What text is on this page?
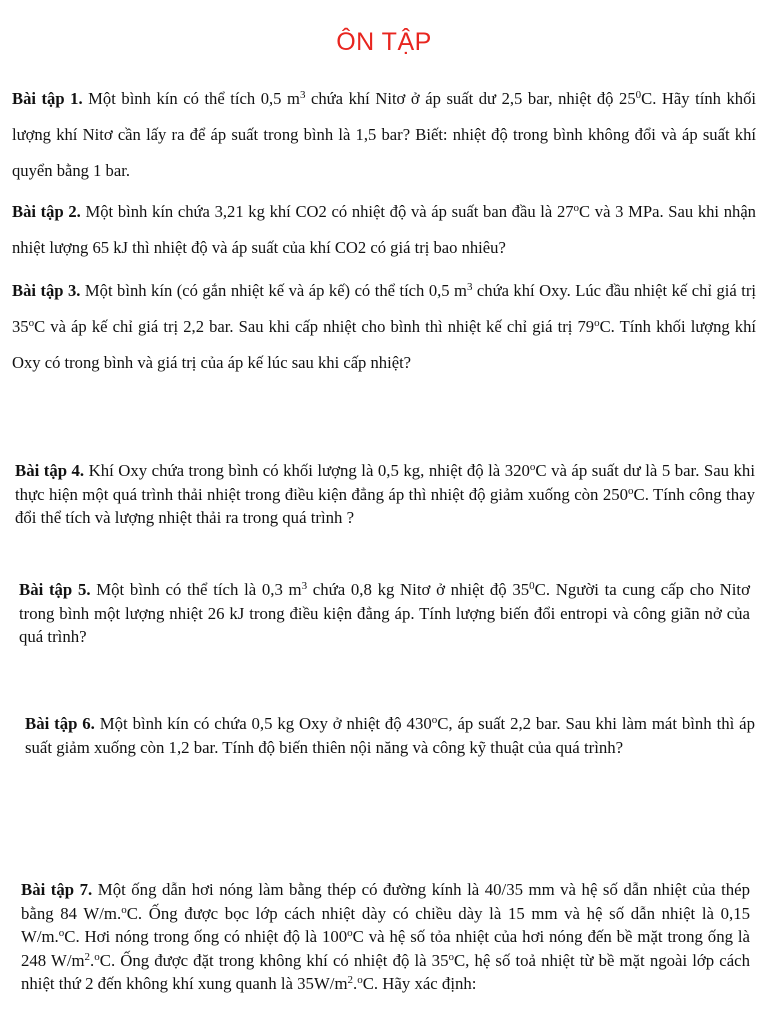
ÔN TẬP
Bài tập 1. Một bình kín có thể tích 0,5 $m^3$ chứa khí Nitơ ở áp suất dư 2,5 bar, nhiệt độ $25^0C$. Hãy tính khối lượng khí Nitơ cần lấy ra để áp suất trong bình là 1,5 bar? Biết: nhiệt độ trong bình không đổi và áp suất khí quyển bằng 1 bar.
Bài tập 2. Một bình kín chứa 3,21 kg khí CO2 có nhiệt độ và áp suất ban đầu là 27$^o$C và 3 MPa. Sau khi nhận nhiệt lượng 65 kJ thì nhiệt độ và áp suất của khí CO2 có giá trị bao nhiêu?
Bài tập 3. Một bình kín (có gắn nhiệt kế và áp kế) có thể tích 0,5 $m^3$ chứa khí Oxy. Lúc đầu nhiệt kế chỉ giá trị 35$^o$C và áp kế chỉ giá trị 2,2 bar. Sau khi cấp nhiệt cho bình thì nhiệt kế chỉ giá trị 79$^o$C. Tính khối lượng khí Oxy có trong bình và giá trị của áp kế lúc sau khi cấp nhiệt?
Bài tập 4. Khí Oxy chứa trong bình có khối lượng là 0,5 kg, nhiệt độ là 320$^o$C và áp suất dư là 5 bar. Sau khi thực hiện một quá trình thải nhiệt trong điều kiện đẳng áp thì nhiệt độ giảm xuống còn 250$^o$C. Tính công thay đổi thể tích và lượng nhiệt thải ra trong quá trình ?
Bài tập 5. Một bình có thể tích là 0,3 $m^3$ chứa 0,8 kg Nitơ ở nhiệt độ $35^0C$. Người ta cung cấp cho Nitơ trong bình một lượng nhiệt 26 kJ trong điều kiện đẳng áp. Tính lượng biến đổi entropi và công giãn nở của quá trình?
Bài tập 6. Một bình kín có chứa 0,5 kg Oxy ở nhiệt độ 430$^o$C, áp suất 2,2 bar. Sau khi làm mát bình thì áp suất giảm xuống còn 1,2 bar. Tính độ biến thiên nội năng và công kỹ thuật của quá trình?
Bài tập 7. Một ống dẫn hơi nóng làm bằng thép có đường kính là 40/35 mm và hệ số dẫn nhiệt của thép bằng 84 W/m.$^o$C. Ống được bọc lớp cách nhiệt dày có chiều dày là 15 mm và hệ số dẫn nhiệt là 0,15 W/m.$^o$C. Hơi nóng trong ống có nhiệt độ là 100$^o$C và hệ số tỏa nhiệt của hơi nóng đến bề mặt trong ống là 248 $W/m^2.^oC$. Ống được đặt trong không khí có nhiệt độ là 35$^o$C, hệ số toả nhiệt từ bề mặt ngoài lớp cách nhiệt thứ 2 đến không khí xung quanh là $35W/m^2.^oC$. Hãy xác định:
